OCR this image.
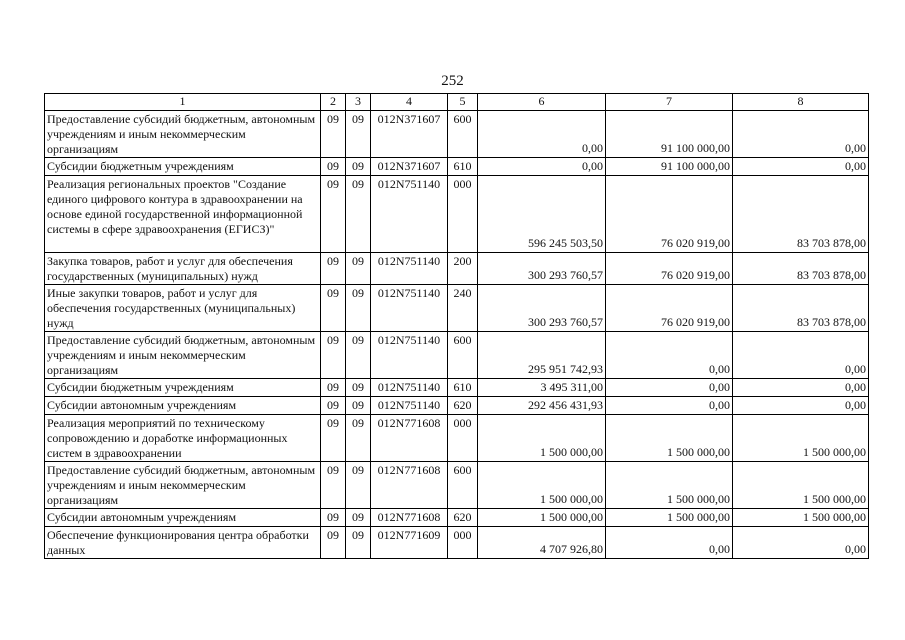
252
1	2	3	4	5	6	7	8
Предоставление субсидий бюджетным, автономным учреждениям и иным некоммерческим организациям	09	09	012N371607	600	0,00	91 100 000,00	0,00
Субсидии бюджетным учреждениям	09	09	012N371607	610	0,00	91 100 000,00	0,00
Реализация региональных проектов "Создание единого цифрового контура в здравоохранении на основе единой государственной информационной системы в сфере здравоохранения (ЕГИСЗ)"	09	09	012N751140	000	596 245 503,50	76 020 919,00	83 703 878,00
Закупка товаров, работ и услуг для обеспечения государственных (муниципальных) нужд	09	09	012N751140	200	300 293 760,57	76 020 919,00	83 703 878,00
Иные закупки товаров, работ и услуг для обеспечения государственных (муниципальных) нужд	09	09	012N751140	240	300 293 760,57	76 020 919,00	83 703 878,00
Предоставление субсидий бюджетным, автономным учреждениям и иным некоммерческим организациям	09	09	012N751140	600	295 951 742,93	0,00	0,00
Субсидии бюджетным учреждениям	09	09	012N751140	610	3 495 311,00	0,00	0,00
Субсидии автономным учреждениям	09	09	012N751140	620	292 456 431,93	0,00	0,00
Реализация мероприятий по техническому сопровождению и доработке информационных систем в здравоохранении	09	09	012N771608	000	1 500 000,00	1 500 000,00	1 500 000,00
Предоставление субсидий бюджетным, автономным учреждениям и иным некоммерческим организациям	09	09	012N771608	600	1 500 000,00	1 500 000,00	1 500 000,00
Субсидии автономным учреждениям	09	09	012N771608	620	1 500 000,00	1 500 000,00	1 500 000,00
Обеспечение функционирования центра обработки данных	09	09	012N771609	000	4 707 926,80	0,00	0,00
